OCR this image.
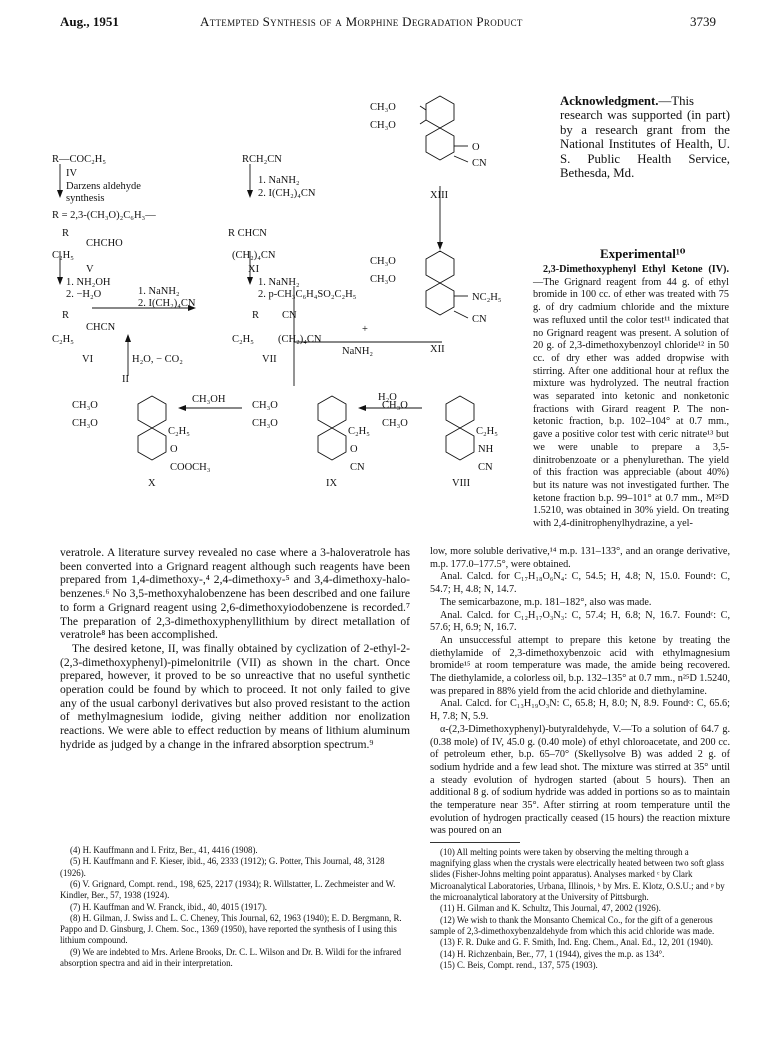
Aug., 1951	Attempted Synthesis of a Morphine Degradation Product	3739
R—COC₂H₅
IV
Darzens aldehyde
synthesis
R = 2,3-(CH₃O)₂C₆H₃—
RCH₂CN
1. NaNH₂
2. I(CH₂)₄CN
R
CHCHO
C₂H₅
V
1. NH₂OH
2. −H₂O
R CHCN
(CH₂)₄CN
XI
1. NaNH₂
2. p-CH₃C₆H₄SO₂C₂H₅
R
CHCN
C₂H₅
VI
1. NaNH₂
2. I(CH₂)₄CN
R CN
C₂H₅ (CH₂)₄CN
VII
+
CH₃O
CH₃O
O
CN
XIII
CH₃O
CH₃O
NC₂H₅
CN
XII
NaNH₂
II
H₂O, − CO₂
CH₃O
CH₃O
C₂H₅
O
COOCH₃
X
CH₃OH
CH₃O
CH₃O
C₂H₅
O
CN
IX
H₂O
CH₃O
CH₃O
C₂H₅
NH
CN
VIII
Acknowledgment.—This research was supported (in part) by a research grant from the National Institutes of Health, U. S. Public Health Service, Bethesda, Md.
Experimental¹⁰

2,3-Dimethoxyphenyl Ethyl Ketone (IV).—The Grignard reagent from 44 g. of ethyl bromide in 100 cc. of ether was treated with 75 g. of dry cadmium chloride and the mixture was refluxed until the color test¹¹ indicated that no Grignard reagent was present. A solution of 20 g. of 2,3-dimethoxybenzoyl chloride¹² in 50 cc. of dry ether was added dropwise with stirring. After one additional hour at reflux the mixture was hydrolyzed. The neutral fraction was separated into ketonic and nonketonic fractions with Girard reagent P. The non-ketonic fraction, b.p. 102–104° at 0.7 mm., gave a positive color test with ceric nitrate¹³ but we were unable to prepare a 3,5-dinitrobenzoate or a phenylurethan. The yield of this fraction was appreciable (about 40%) but its nature was not investigated further. The ketone fraction b.p. 99–101° at 0.7 mm., M²⁵D 1.5210, was obtained in 30% yield. On treating with 2,4-dinitrophenylhydrazine, a yel-

veratrole. A literature survey revealed no case where a 3-haloveratrole has been converted into a Grignard reagent although such reagents have been prepared from 1,4-dimethoxy-,⁴ 2,4-dimethoxy-⁵ and 3,4-dimethoxy-halo-benzenes.⁶ No 3,5-methoxyhalobenzene has been described and one failure to form a Grignard reagent using 2,6-dimethoxyiodobenzene is recorded.⁷ The preparation of 2,3-dimethoxyphenyllithium by direct metallation of veratrole⁸ has been accomplished.

The desired ketone, II, was finally obtained by cyclization of 2-ethyl-2-(2,3-dimethoxyphenyl)-pimelonitrile (VII) as shown in the chart. Once prepared, however, it proved to be so unreactive that no useful synthetic operation could be found by which to proceed. It not only failed to give any of the usual carbonyl derivatives but also proved resistant to the action of methylmagnesium iodide, giving neither addition nor enolization reactions. We were able to effect reduction by means of lithium aluminum hydride as judged by a change in the infrared absorption spectrum.⁹

low, more soluble derivative,¹⁴ m.p. 131–133°, and an orange derivative, m.p. 177.0–177.5°, were obtained.

Anal. Calcd. for C₁₇H₁₈O₆N₄: C, 54.5; H, 4.8; N, 15.0. Foundᶜ: C, 54.7; H, 4.8; N, 14.7.

The semicarbazone, m.p. 181–182°, also was made.

Anal. Calcd. for C₁₂H₁₇O₃N₃: C, 57.4; H, 6.8; N, 16.7. Foundᶜ: C, 57.6; H, 6.9; N, 16.7.

An unsuccessful attempt to prepare this ketone by treating the diethylamide of 2,3-dimethoxybenzoic acid with ethylmagnesium bromide¹⁵ at room temperature was made, the amide being recovered. The diethylamide, a colorless oil, b.p. 132–135° at 0.7 mm., n²⁵D 1.5240, was prepared in 88% yield from the acid chloride and diethylamine.

Anal. Calcd. for C₁₃H₁₉O₃N: C, 65.8; H, 8.0; N, 8.9. Foundᶜ: C, 65.6; H, 7.8; N, 5.9.

α-(2,3-Dimethoxyphenyl)-butyraldehyde, V.—To a solution of 64.7 g. (0.38 mole) of IV, 45.0 g. (0.40 mole) of ethyl chloroacetate, and 200 cc. of petroleum ether, b.p. 65–70° (Skellysolve B) was added 2 g. of sodium hydride and a few lead shot. The mixture was stirred at 35° until a steady evolution of hydrogen started (about 5 hours). Then an additional 8 g. of sodium hydride was added in portions so as to maintain the temperature near 35°. After stirring at room temperature until the evolution of hydrogen practically ceased (15 hours) the reaction mixture was poured on an

(4) H. Kauffmann and I. Fritz, Ber., 41, 4416 (1908).

(5) H. Kauffmann and F. Kieser, ibid., 46, 2333 (1912); G. Potter, This Journal, 48, 3128 (1926).

(6) V. Grignard, Compt. rend., 198, 625, 2217 (1934); R. Willstatter, L. Zechmeister and W. Kindler, Ber., 57, 1938 (1924).

(7) H. Kauffman and W. Franck, ibid., 40, 4015 (1917).

(8) H. Gilman, J. Swiss and L. C. Cheney, This Journal, 62, 1963 (1940); E. D. Bergmann, R. Pappo and D. Ginsburg, J. Chem. Soc., 1369 (1950), have reported the synthesis of I using this lithium compound.

(9) We are indebted to Mrs. Arlene Brooks, Dr. C. L. Wilson and Dr. B. Wildi for the infrared absorption spectra and aid in their interpretation.

(10) All melting points were taken by observing the melting through a magnifying glass when the crystals were electrically heated between two soft glass slides (Fisher-Johns melting point apparatus). Analyses marked ᶜ by Clark Microanalytical Laboratories, Urbana, Illinois, ᵏ by Mrs. E. Klotz, O.S.U.; and ᵖ by the microanalytical laboratory at the University of Pittsburgh.

(11) H. Gilman and K. Schultz, This Journal, 47, 2002 (1926).

(12) We wish to thank the Monsanto Chemical Co., for the gift of a generous sample of 2,3-dimethoxybenzaldehyde from which this acid chloride was made.

(13) F. R. Duke and G. F. Smith, Ind. Eng. Chem., Anal. Ed., 12, 201 (1940).

(14) H. Richzenbain, Ber., 77, 1 (1944), gives the m.p. as 134°.

(15) C. Beis, Compt. rend., 137, 575 (1903).
